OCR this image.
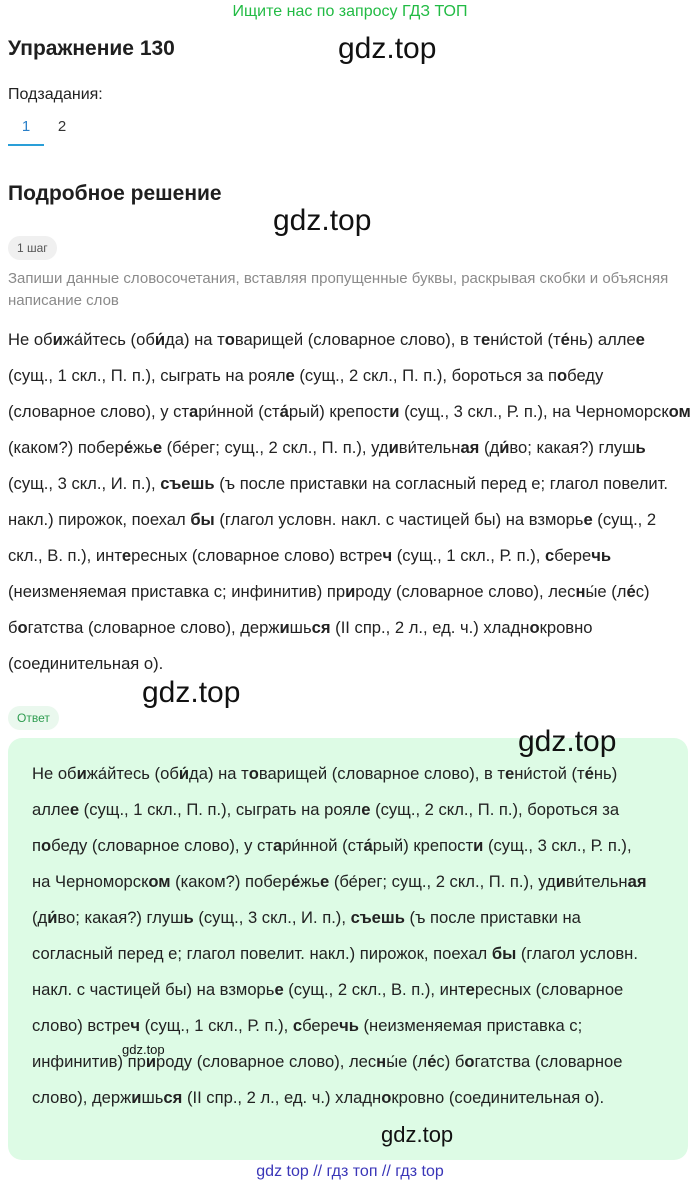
Ищите нас по запросу ГДЗ ТОП
Упражнение 130	gdz.top
Подзадания:
1	2
Подробное решение
gdz.top
1 шаг
Запиши данные словосочетания, вставляя пропущенные буквы, раскрывая скобки и объясняя написание слов
Не обижа́йтесь (оби́да) на товарищей (словарное слово), в тени́стой (те́нь) аллее (сущ., 1 скл., П. п.), сыграть на рояле (сущ., 2 скл., П. п.), бороться за победу (словарное слово), у стари́нной (ста́рый) крепости (сущ., 3 скл., Р. п.), на Черноморском (каком?) побере́жье (бе́рег; сущ., 2 скл., П. п.), удиви́тельная (ди́во; какая?) глушь (сущ., 3 скл., И. п.), съешь (ъ после приставки на согласный перед е; глагол повелит. накл.) пирожок, поехал бы (глагол условн. накл. с частицей бы) на взморье (сущ., 2 скл., В. п.), интересных (словарное слово) встреч (сущ., 1 скл., Р. п.), сберечь (неизменяемая приставка с; инфинитив) природу (словарное слово), лесны́е (ле́с) богатства (словарное слово), держишься (II спр., 2 л., ед. ч.) хладнокровно (соединительная о).
gdz.top
Ответ
Не обижа́йтесь (оби́да) на товарищей (словарное слово), в тени́стой (те́нь) аллее (сущ., 1 скл., П. п.), сыграть на рояле (сущ., 2 скл., П. п.), бороться за победу (словарное слово), у стари́нной (ста́рый) крепости (сущ., 3 скл., Р. п.), на Черноморском (каком?) побере́жье (бе́рег; сущ., 2 скл., П. п.), удиви́тельная (ди́во; какая?) глушь (сущ., 3 скл., И. п.), съешь (ъ после приставки на согласный перед е; глагол повелит. накл.) пирожок, поехал бы (глагол условн. накл. с частицей бы) на взморье (сущ., 2 скл., В. п.), интересных (словарное слово) встреч (сущ., 1 скл., Р. п.), сберечь (неизменяемая приставка с; инфинитив) природу (словарное слово), лесны́е (ле́с) богатства (словарное слово), держишься (II спр., 2 л., ед. ч.) хладнокровно (соединительная о).
gdz.top
gdz.top
gdz.top
gdz top // гдз топ // гдз top
